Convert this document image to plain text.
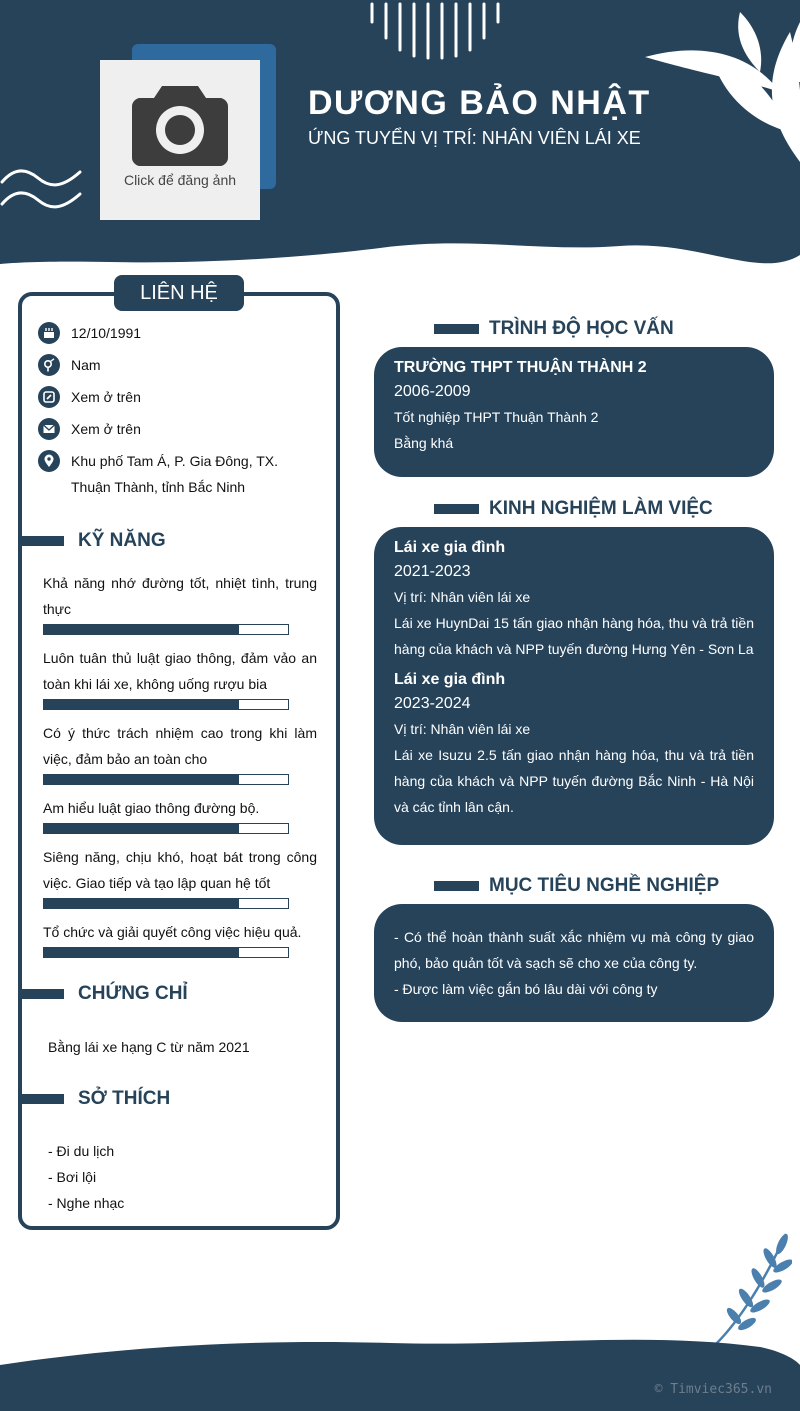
Click để đăng ảnh
DƯƠNG BẢO NHẬT
ỨNG TUYỂN VỊ TRÍ: NHÂN VIÊN LÁI XE
LIÊN HỆ
12/10/1991
Nam
Xem ở trên
Xem ở trên
Khu phố Tam Á, P. Gia Đông, TX. Thuận Thành, tỉnh Bắc Ninh
KỸ NĂNG
Khả năng nhớ đường tốt, nhiệt tình, trung thực
Luôn tuân thủ luật giao thông, đảm vảo an toàn khi lái xe, không uống rượu bia
Có ý thức trách nhiệm cao trong khi làm việc, đảm bảo an toàn cho
Am hiểu luật giao thông đường bộ.
Siêng năng, chịu khó, hoạt bát trong công việc. Giao tiếp và tạo lập quan hệ tốt
Tổ chức và giải quyết công việc hiệu quả.
CHỨNG CHỈ
Bằng lái xe hạng C từ năm 2021
SỞ THÍCH
- Đi du lịch
- Bơi lội
- Nghe nhạc
TRÌNH ĐỘ HỌC VẤN
TRƯỜNG THPT THUẬN THÀNH 2
2006-2009
Tốt nghiệp THPT Thuận Thành 2
Bằng khá
KINH NGHIỆM LÀM VIỆC
Lái xe gia đình
2021-2023
Vị trí: Nhân viên lái xe
Lái xe HuynDai 15 tấn giao nhận hàng hóa, thu và trả tiền hàng của khách và NPP tuyến đường Hưng Yên - Sơn La
Lái xe gia đình
2023-2024
Vị trí: Nhân viên lái xe
Lái xe Isuzu 2.5 tấn giao nhận hàng hóa, thu và trả tiền hàng của khách và NPP tuyến đường Bắc Ninh - Hà Nội và các tỉnh lân cận.
MỤC TIÊU NGHỀ NGHIỆP
- Có thể hoàn thành suất xắc nhiệm vụ mà công ty giao phó, bảo quản tốt và sạch sẽ cho xe của công ty.
- Được làm việc gắn bó lâu dài với công ty
© Timviec365.vn
